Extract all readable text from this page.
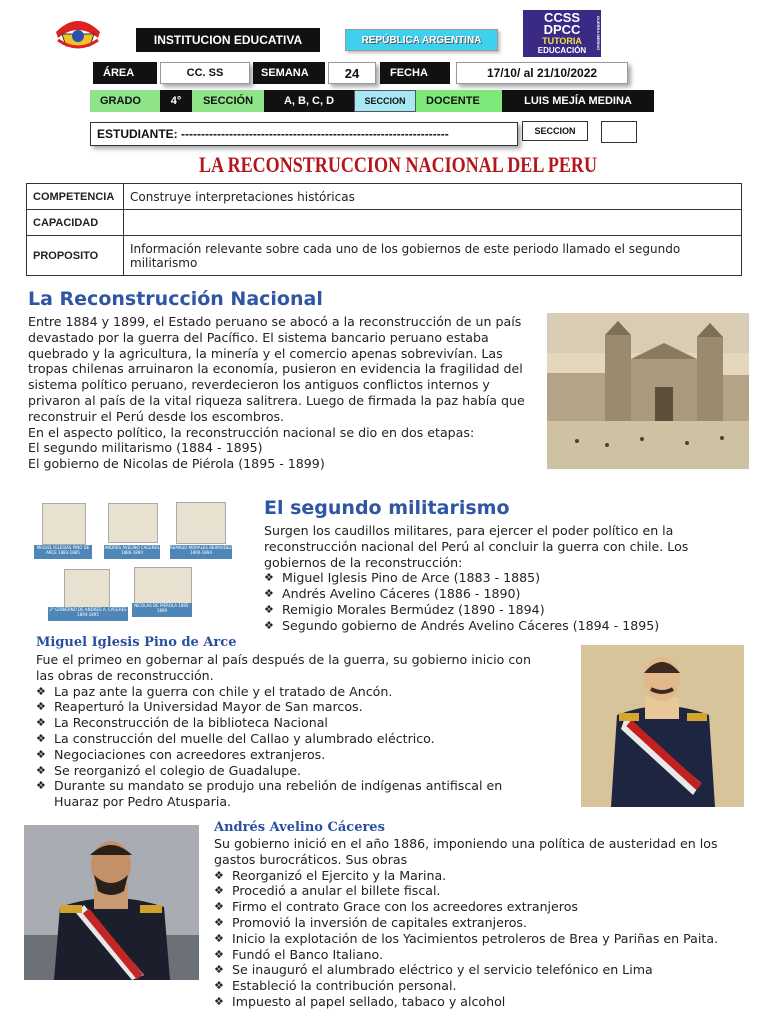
INSTITUCION EDUCATIVA	REPÚBLICA ARGENTINA
CCSS
DPCC
TUTORIA
EDUCACIÓN	GUERRA MERINO
ÁREA	CC. SS	SEMANA	24	FECHA	17/10/ al 21/10/2022
GRADO	4° SECCIÓN	A, B, C, D	SECCION DOCENTE	LUIS MEJÍA MEDINA
ESTUDIANTE: -------------------------------------------------------------------	SECCION
LA RECONSTRUCCION NACIONAL DEL PERU
COMPETENCIA	Construye interpretaciones históricas
CAPACIDAD	
PROPOSITO	Información relevante sobre cada uno de los gobiernos de este periodo llamado el segundo militarismo
La Reconstrucción Nacional
Entre 1884 y 1899, el Estado peruano se abocó a la reconstrucción de un país devastado por la guerra del Pacífico. El sistema bancario peruano estaba quebrado y la agricultura, la minería y el comercio apenas sobrevivían. Las tropas chilenas arruinaron la economía, pusieron en evidencia la fragilidad del sistema político peruano, reverdecieron los antiguos conflictos internos y privaron al país de la vital riqueza salitrera. Luego de firmada la paz había que reconstruir el Perú desde los escombros.
En el aspecto político, la reconstrucción nacional se dio en dos etapas:
El segundo militarismo (1884 - 1895)
El gobierno de Nicolas de Piérola (1895 - 1899)
MIGUEL IGLESIAS PINO DE ARCE 1883-1885
ANDRÉS AVELINO CÁCERES 1886-1890
REMIGIO MORALES BERMÚDEZ 1890-1894
2° GOBIERNO DE ANDRÉS A. CÁCERES 1894-1895
NICOLÁS DE PIÉROLA 1895-1899
El segundo militarismo
Surgen los caudillos militares, para ejercer el poder político en la reconstrucción nacional del Perú al concluir la guerra con chile. Los gobiernos de la reconstrucción:
❖ Miguel Iglesis Pino de Arce (1883 - 1885)
❖ Andrés Avelino Cáceres (1886 - 1890)
❖ Remigio Morales Bermúdez (1890 - 1894)
❖ Segundo gobierno de Andrés Avelino Cáceres (1894 - 1895)
Miguel Iglesis Pino de Arce
Fue el primeo en gobernar al país después de la guerra, su gobierno inicio con las obras de reconstrucción.
❖ La paz ante la guerra con chile y el tratado de Ancón.
❖ Reaperturó la Universidad Mayor de San marcos.
❖ La Reconstrucción de la biblioteca Nacional
❖ La construcción del muelle del Callao y alumbrado eléctrico.
❖ Negociaciones con acreedores extranjeros.
❖ Se reorganizó el colegio de Guadalupe.
❖ Durante su mandato se produjo una rebelión de indígenas antifiscal en Huaraz por Pedro Atusparia.
Andrés Avelino Cáceres
Su gobierno inició en el año 1886, imponiendo una política de austeridad en los gastos burocráticos. Sus obras
❖ Reorganizó el Ejercito y la Marina.
❖ Procedió a anular el billete fiscal.
❖ Firmo el contrato Grace con los acreedores extranjeros
❖ Promovió la inversión de capitales extranjeros.
❖ Inicio la explotación de los Yacimientos petroleros de Brea y Pariñas en Paita.
❖ Fundó el Banco Italiano.
❖ Se inauguró el alumbrado eléctrico y el servicio telefónico en Lima
❖ Estableció la contribución personal.
❖ Impuesto al papel sellado, tabaco y alcohol
